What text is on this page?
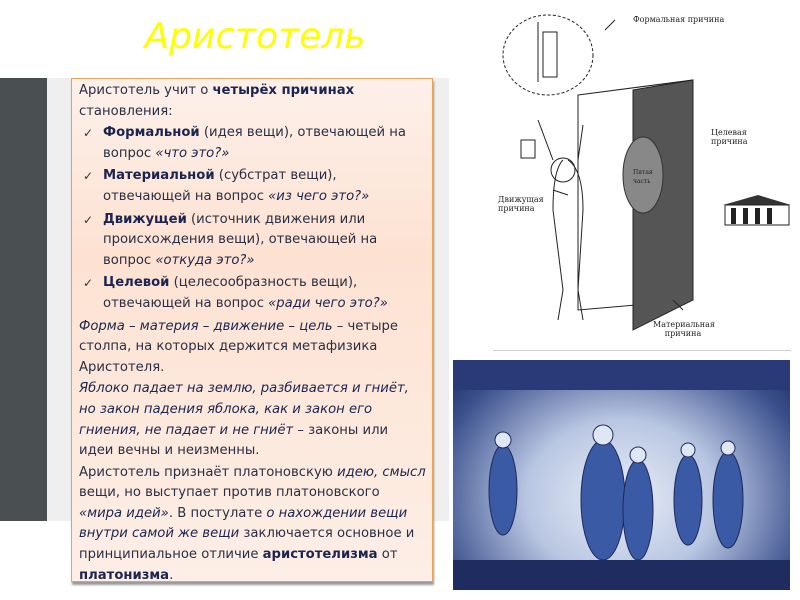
Аристотель

Аристотель учит о четырёх причинах становления:

✓ Формальной (идея вещи), отвечающей на вопрос «что это?»
✓ Материальной (субстрат вещи), отвечающей на вопрос «из чего это?»
✓ Движущей (источник движения или происхождения вещи), отвечающей на вопрос «откуда это?»
✓ Целевой (целесообразность вещи), отвечающей на вопрос «ради чего это?»

Форма – материя – движение – цель – четыре столпа, на которых держится метафизика Аристотеля.

Яблоко падает на землю, разбивается и гниёт, но закон падения яблока, как и закон его гниения, не падает и не гниёт – законы или идеи вечны и неизменны.

Аристотель признаёт платоновскую идею, смысл вещи, но выступает против платоновского «мира идей». В постулате о нахождении вещи внутри самой же вещи заключается основное и принципиальное отличие аристотелизма от платонизма.

Формальная причина
Целевая причина
Движущая причина
Материальная причина
Пятая часть
